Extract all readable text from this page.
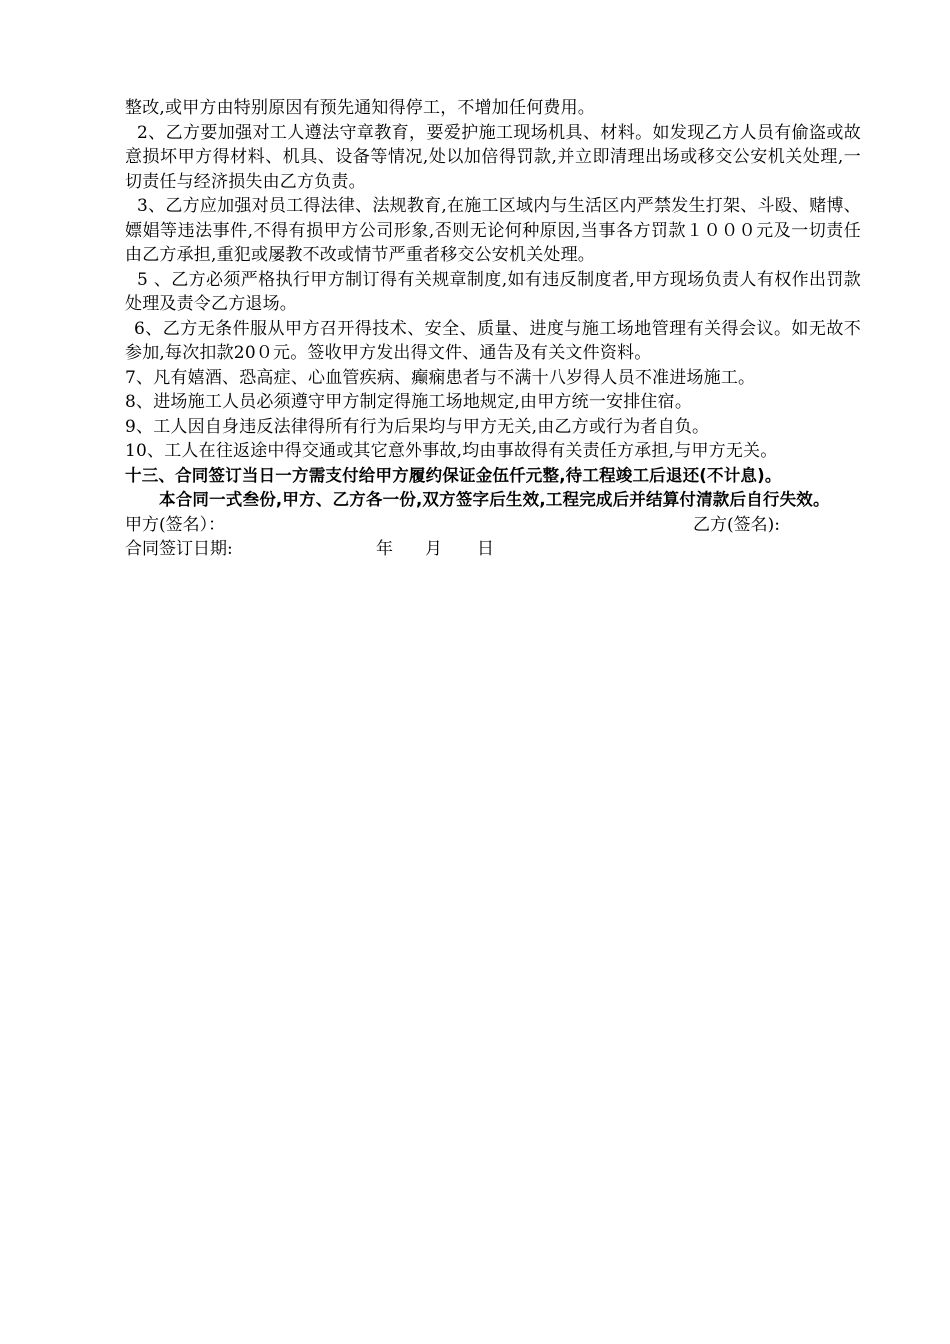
整改,或甲方由特别原因有预先通知得停工，不增加任何费用。

2、乙方要加强对工人遵法守章教育，要爱护施工现场机具、材料。如发现乙方人员有偷盗或故意损坏甲方得材料、机具、设备等情况,处以加倍得罚款,并立即清理出场或移交公安机关处理,一切责任与经济损失由乙方负责。

3、乙方应加强对员工得法律、法规教育,在施工区域内与生活区内严禁发生打架、斗殴、赌博、嫖娼等违法事件,不得有损甲方公司形象,否则无论何种原因,当事各方罚款１０００元及一切责任由乙方承担,重犯或屡教不改或情节严重者移交公安机关处理。

5 、乙方必须严格执行甲方制订得有关规章制度,如有违反制度者,甲方现场负责人有权作出罚款处理及责令乙方退场。

6、乙方无条件服从甲方召开得技术、安全、质量、进度与施工场地管理有关得会议。如无故不参加,每次扣款20０元。签收甲方发出得文件、通告及有关文件资料。

7、凡有嬉酒、恐高症、心血管疾病、癫痫患者与不满十八岁得人员不准进场施工。

8、进场施工人员必须遵守甲方制定得施工场地规定,由甲方统一安排住宿。

9、工人因自身违反法律得所有行为后果均与甲方无关,由乙方或行为者自负。

10、工人在往返途中得交通或其它意外事故,均由事故得有关责任方承担,与甲方无关。

十三、合同签订当日一方需支付给甲方履约保证金伍仟元整,待工程竣工后退还(不计息)。

本合同一式叁份,甲方、乙方各一份,双方签字后生效,工程完成后并结算付清款后自行失效。

甲方(签名）：	乙方(签名):
合同签订日期:	年 月 日
